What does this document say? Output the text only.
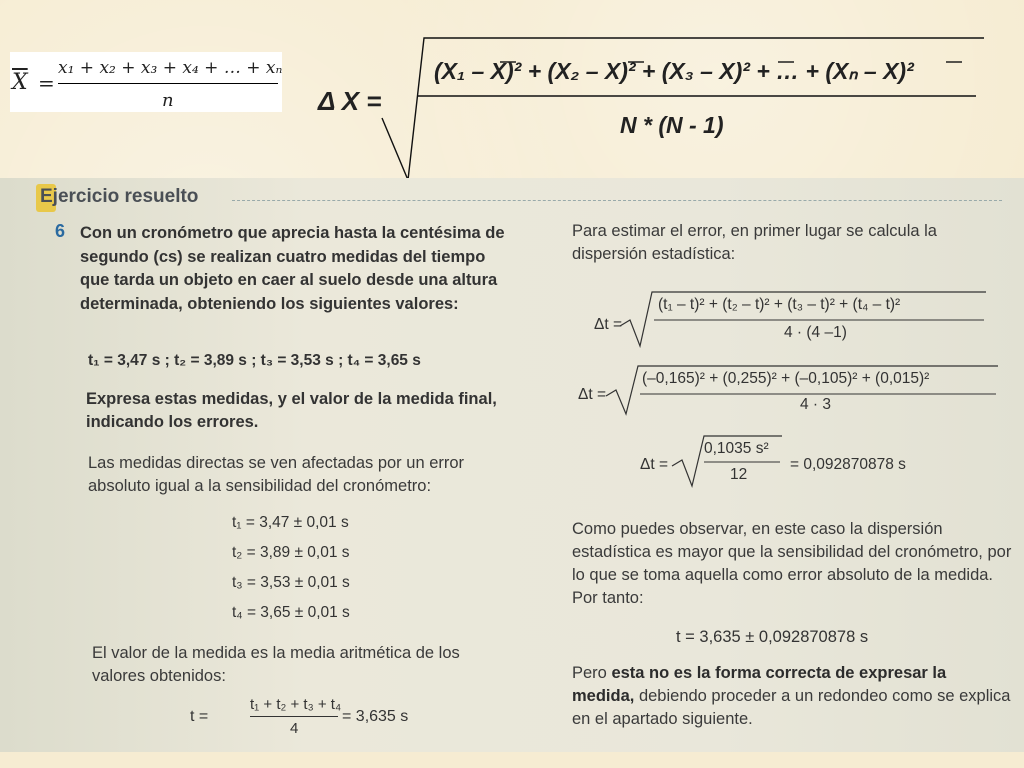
$\overline{X}$ =
x₁ + x₂ + x₃ + x₄ + … + xₙ
n	Δ X =
(X₁ – X)² + (X₂ – X)² + (X₃ – X)² + … + (Xₙ – X)²
N * (N - 1)
Ejercicio resuelto
6 Con un cronómetro que aprecia hasta la centésima de segundo (cs) se realizan cuatro medidas del tiempo que tarda un objeto en caer al suelo desde una altura determinada, obteniendo los siguientes valores:
t₁ = 3,47 s ; t₂ = 3,89 s ; t₃ = 3,53 s ; t₄ = 3,65 s
Expresa estas medidas, y el valor de la medida final, indicando los errores.
Las medidas directas se ven afectadas por un error absoluto igual a la sensibilidad del cronómetro:
t₁ = 3,47 ± 0,01 s
t₂ = 3,89 ± 0,01 s
t₃ = 3,53 ± 0,01 s
t₄ = 3,65 ± 0,01 s
El valor de la medida es la media aritmética de los valores obtenidos:
t =
t₁ + t₂ + t₃ + t₄
4
= 3,635 s
Para estimar el error, en primer lugar se calcula la dispersión estadística:
Δt =
(t₁ – t)² + (t₂ – t)² + (t₃ – t)² + (t₄ – t)²
4 · (4 –1)
Δt =
(–0,165)² + (0,255)² + (–0,105)² + (0,015)²
4 · 3
Δt =
0,1035 s²
12
= 0,092870878 s
Como puedes observar, en este caso la dispersión estadística es mayor que la sensibilidad del cronómetro, por lo que se toma aquella como error absoluto de la medida. Por tanto:
t = 3,635 ± 0,092870878 s
Pero esta no es la forma correcta de expresar la medida, debiendo proceder a un redondeo como se explica en el apartado siguiente.
